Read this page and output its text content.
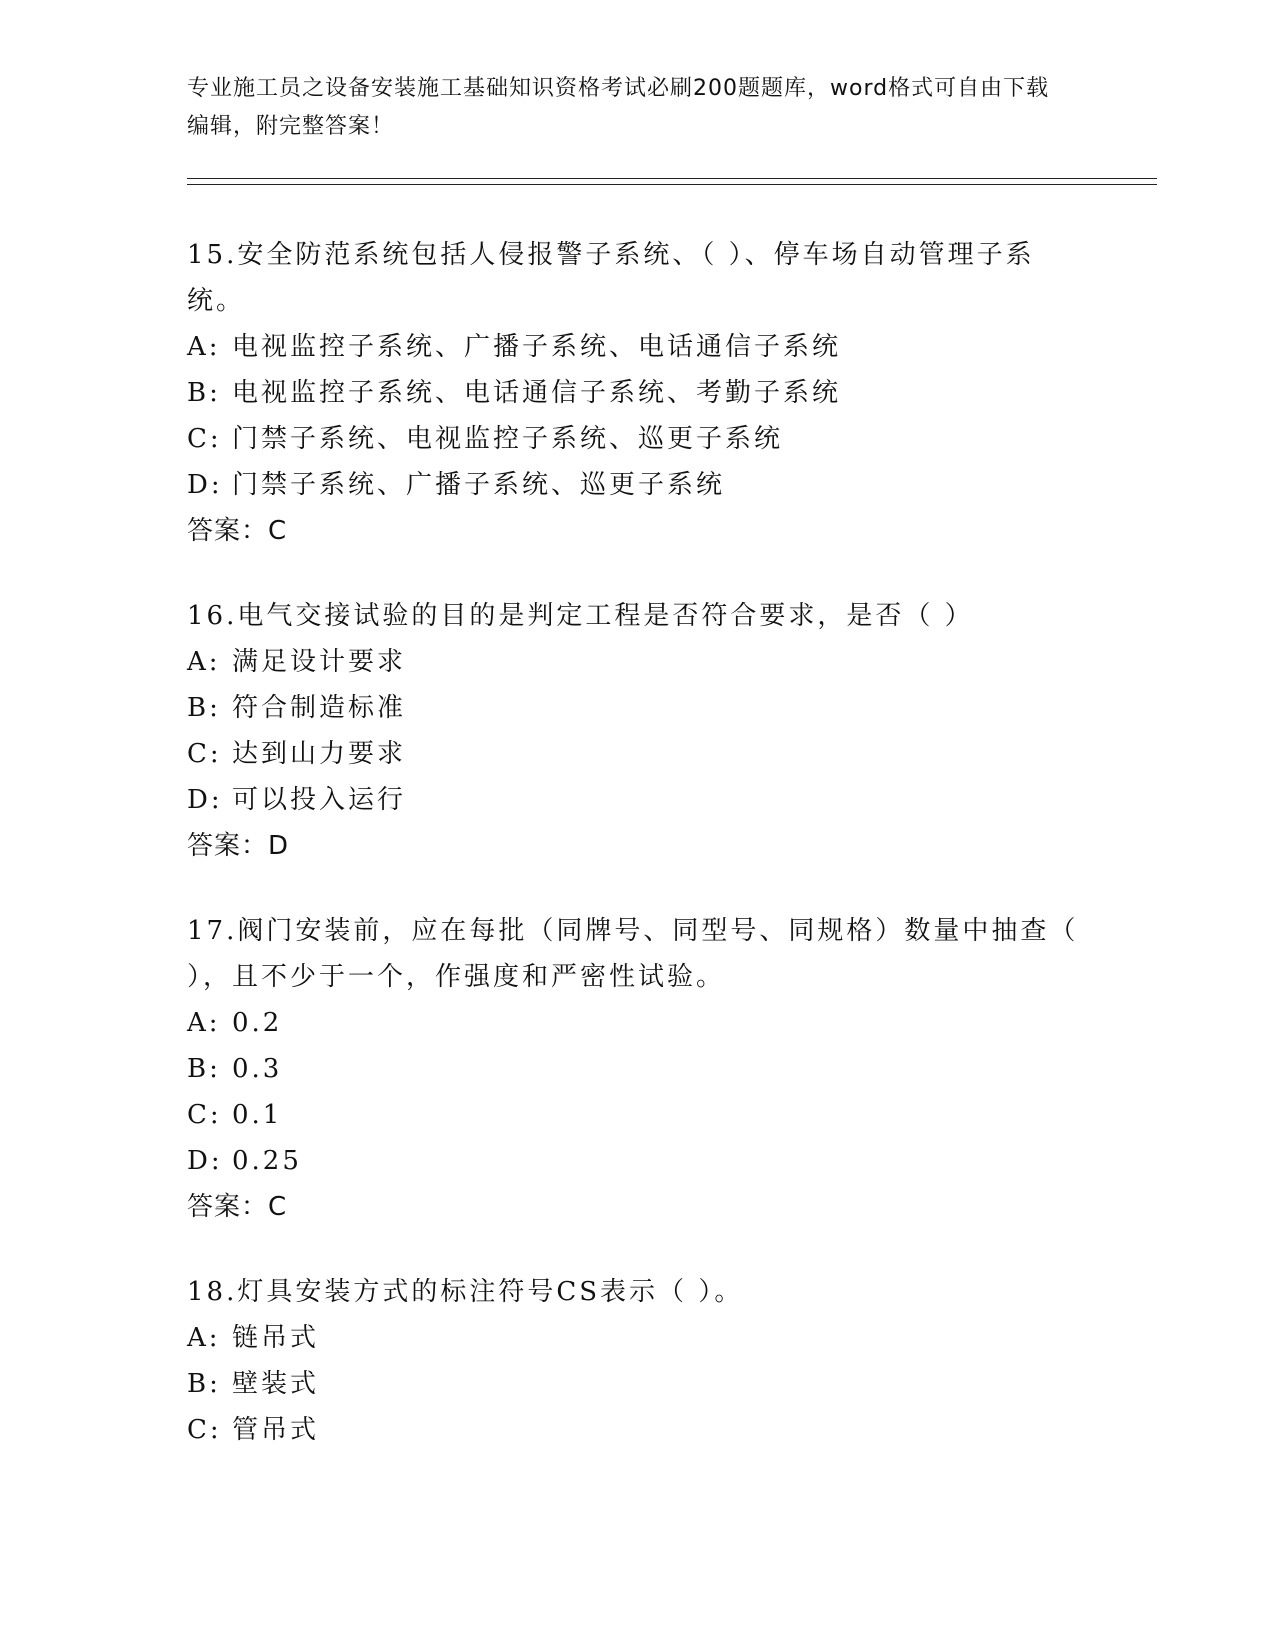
专业施工员之设备安装施工基础知识资格考试必刷200题题库，word格式可自由下载编辑，附完整答案！
15.安全防范系统包括人侵报警子系统、（ ）、停车场自动管理子系统。
A: 电视监控子系统、广播子系统、电话通信子系统
B: 电视监控子系统、电话通信子系统、考勤子系统
C: 门禁子系统、电视监控子系统、巡更子系统
D: 门禁子系统、广播子系统、巡更子系统
答案：C
16.电气交接试验的目的是判定工程是否符合要求，是否（ ）
A: 满足设计要求
B: 符合制造标准
C: 达到山力要求
D: 可以投入运行
答案：D
17.阀门安装前，应在每批（同牌号、同型号、同规格）数量中抽查（ ），且不少于一个，作强度和严密性试验。
A: 0.2
B: 0.3
C: 0.1
D: 0.25
答案：C
18.灯具安装方式的标注符号CS表示（ ）。
A: 链吊式
B: 壁装式
C: 管吊式
